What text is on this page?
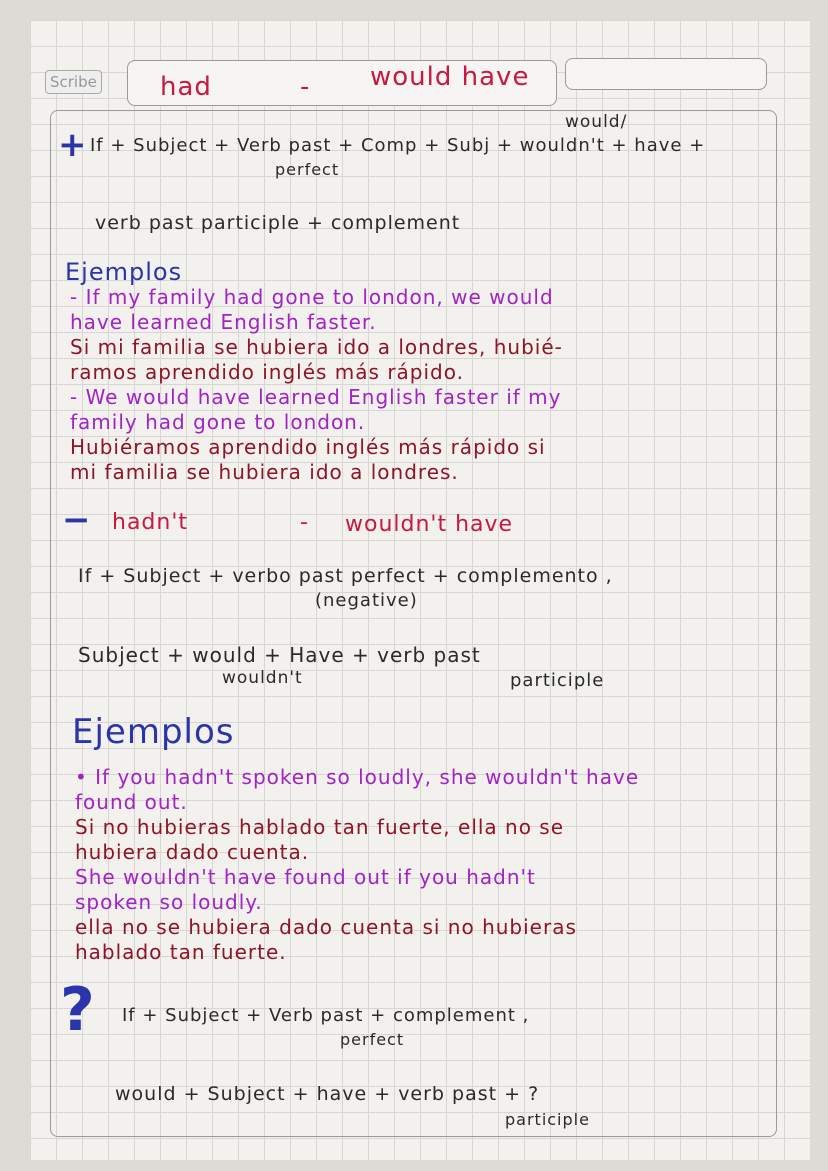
Scribe had	- would have
+
would/
If + Subject + Verb past + Comp + Subj + wouldn't + have +
perfect
verb past participle + complement
Ejemplos
- If my family had gone to london, we would
have learned English faster.
Si mi familia se hubiera ido a londres, hubié-
ramos aprendido inglés más rápido.
- We would have learned English faster if my
family had gone to london.
Hubiéramos aprendido inglés más rápido si
mi familia se hubiera ido a londres.
− hadn't	- wouldn't have
If + Subject + verbo past perfect + complemento ,
(negative)
Subject + would + Have + verb past
wouldn't	participle
Ejemplos
• If you hadn't spoken so loudly, she wouldn't have
found out.
Si no hubieras hablado tan fuerte, ella no se
hubiera dado cuenta.
She wouldn't have found out if you hadn't
spoken so loudly.
ella no se hubiera dado cuenta si no hubieras
hablado tan fuerte.
? If + Subject + Verb past + complement ,
perfect
would + Subject + have + verb past + ?
participle
